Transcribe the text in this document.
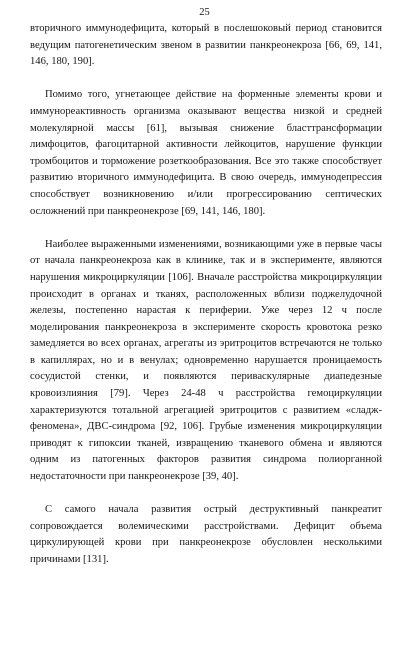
25

вторичного иммунодефицита, который в послешоковый период становится ведущим патогенетическим звеном в развитии панкреонекроза [66, 69, 141, 146, 180, 190].

Помимо того, угнетающее действие на форменные элементы крови и иммунореактивность организма оказывают вещества низкой и средней молекулярной массы [61], вызывая снижение бласттрансформации лимфоцитов, фагоцитарной активности лейкоцитов, нарушение функции тромбоцитов и торможение розеткообразования. Все это также способствует развитию вторичного иммунодефицита. В свою очередь, иммунодепрессия способствует возникновению и/или прогрессированию септических осложнений при панкреонекрозе [69, 141, 146, 180].

Наиболее выраженными изменениями, возникающими уже в первые часы от начала панкреонекроза как в клинике, так и в эксперименте, являются нарушения микроциркуляции [106]. Вначале расстройства микроциркуляции происходит в органах и тканях, расположенных вблизи поджелудочной железы, постепенно нарастая к периферии. Уже через 12 ч после моделирования панкреонекроза в эксперименте скорость кровотока резко замедляется во всех органах, агрегаты из эритроцитов встречаются не только в капиллярах, но и в венулах; одновременно нарушается проницаемость сосудистой стенки, и появляются периваскулярные диапедезные кровоизлияния [79]. Через 24-48 ч расстройства гемоциркуляции характеризуются тотальной агрегацией эритроцитов с развитием «сладж-феномена», ДВС-синдрома [92, 106]. Грубые изменения микроциркуляции приводят к гипоксии тканей, извращению тканевого обмена и являются одним из патогенных факторов развития синдрома полиорганной недостаточности при панкреонекрозе [39, 40].

С самого начала развития острый деструктивный панкреатит сопровождается волемическими расстройствами. Дефицит объема циркулирующей крови при панкреонекрозе обусловлен несколькими причинами [131].
